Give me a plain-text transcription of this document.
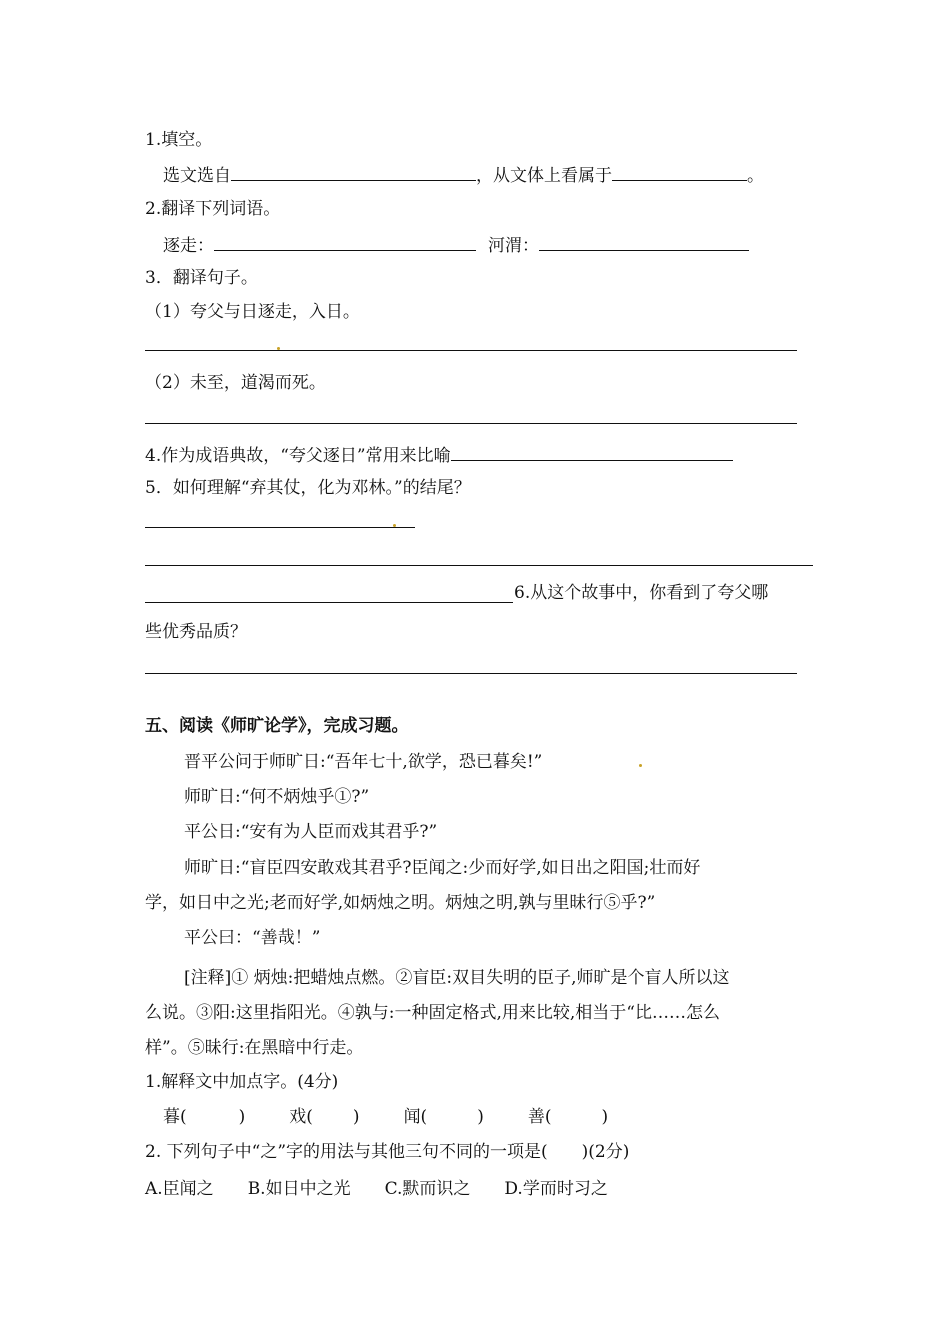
1.填空。
选文选自	，从文体上看属于	。
2.翻译下列词语。
逐走：	河渭：
3．翻译句子。
（1）夸父与日逐走，入日。
（2）未至，道渴而死。
4.作为成语典故，“夸父逐日”常用来比喻
5．如何理解“弃其仗，化为邓林。”的结尾？
6.从这个故事中，你看到了夸父哪
些优秀品质？
五、阅读《师旷论学》，完成习题。
晋平公问于师旷日:“吾年七十,欲学，恐已暮矣!”
师旷日:“何不炳烛乎①?”
平公日:“安有为人臣而戏其君乎?”
师旷日:“盲臣四安敢戏其君乎?臣闻之:少而好学,如日出之阳国;壮而好
学，如日中之光;老而好学,如炳烛之明。炳烛之明,孰与里昧行⑤乎?”
平公曰：“善哉！”
[注释]① 炳烛:把蜡烛点燃。②盲臣:双目失明的臣子,师旷是个盲人所以这
么说。③阳:这里指阳光。④孰与:一种固定格式,用来比较,相当于“比……怎么
样”。⑤昧行:在黑暗中行走。
1.解释文中加点字。(4分)
暮(	)	戏( )	闻(	)	善(	)
2. 下列句子中“之”字的用法与其他三句不同的一项是(　　)(2分)
A.臣闻之 B.如日中之光 C.默而识之 D.学而时习之
